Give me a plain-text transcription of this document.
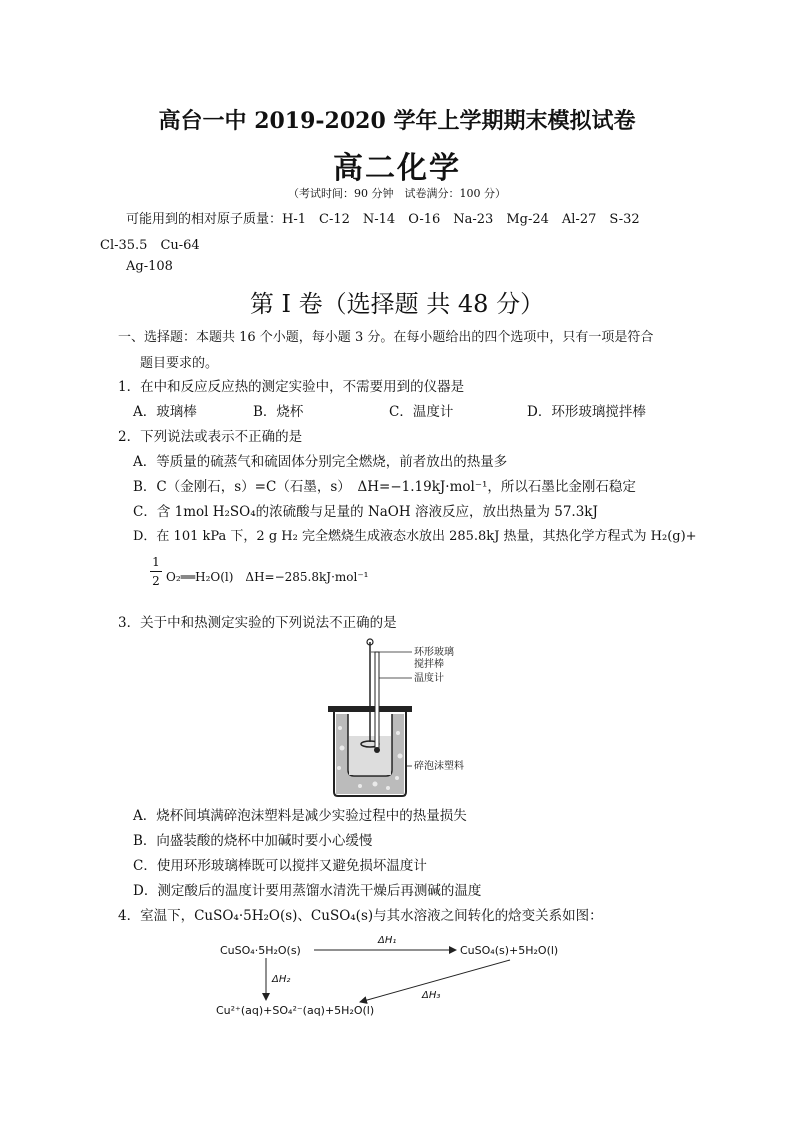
高台一中 2019-2020 学年上学期期末模拟试卷
高二化学
（考试时间：90 分钟　试卷满分：100 分）
可能用到的相对原子质量：H-1　C-12　N-14　O-16　Na-23　Mg-24　Al-27　S-32
Cl-35.5　Cu-64
Ag-108
第 I 卷（选择题 共 48 分）
一、选择题：本题共 16 个小题，每小题 3 分。在每小题给出的四个选项中，只有一项是符合
题目要求的。
1．在中和反应反应热的测定实验中，不需要用到的仪器是
A．玻璃棒	B．烧杯	C．温度计	D．环形玻璃搅拌棒
2．下列说法或表示不正确的是
A．等质量的硫蒸气和硫固体分别完全燃烧，前者放出的热量多
B．C（金刚石，s）=C（石墨，s）　ΔH=−1.19kJ·mol⁻¹，所以石墨比金刚石稳定
C．含 1mol H₂SO₄的浓硫酸与足量的 NaOH 溶液反应，放出热量为 57.3kJ
D．在 101 kPa 下，2 g H₂ 完全燃烧生成液态水放出 285.8kJ 热量，其热化学方程式为 H₂(g)+
1
2 O₂══H₂O(l)　ΔH=−285.8kJ·mol⁻¹
3．关于中和热测定实验的下列说法不正确的是
环形玻璃
搅拌棒
温度计
碎泡沫塑料
A．烧杯间填满碎泡沫塑料是减少实验过程中的热量损失
B．向盛装酸的烧杯中加碱时要小心缓慢
C．使用环形玻璃棒既可以搅拌又避免损坏温度计
D．测定酸后的温度计要用蒸馏水清洗干燥后再测碱的温度
4．室温下，CuSO₄·5H₂O(s)、CuSO₄(s)与其水溶液之间转化的焓变关系如图：
CuSO₄·5H₂O(s)	CuSO₄(s)+5H₂O(l)
Cu²⁺(aq)+SO₄²⁻(aq)+5H₂O(l)
ΔH₁
ΔH₂
ΔH₃
